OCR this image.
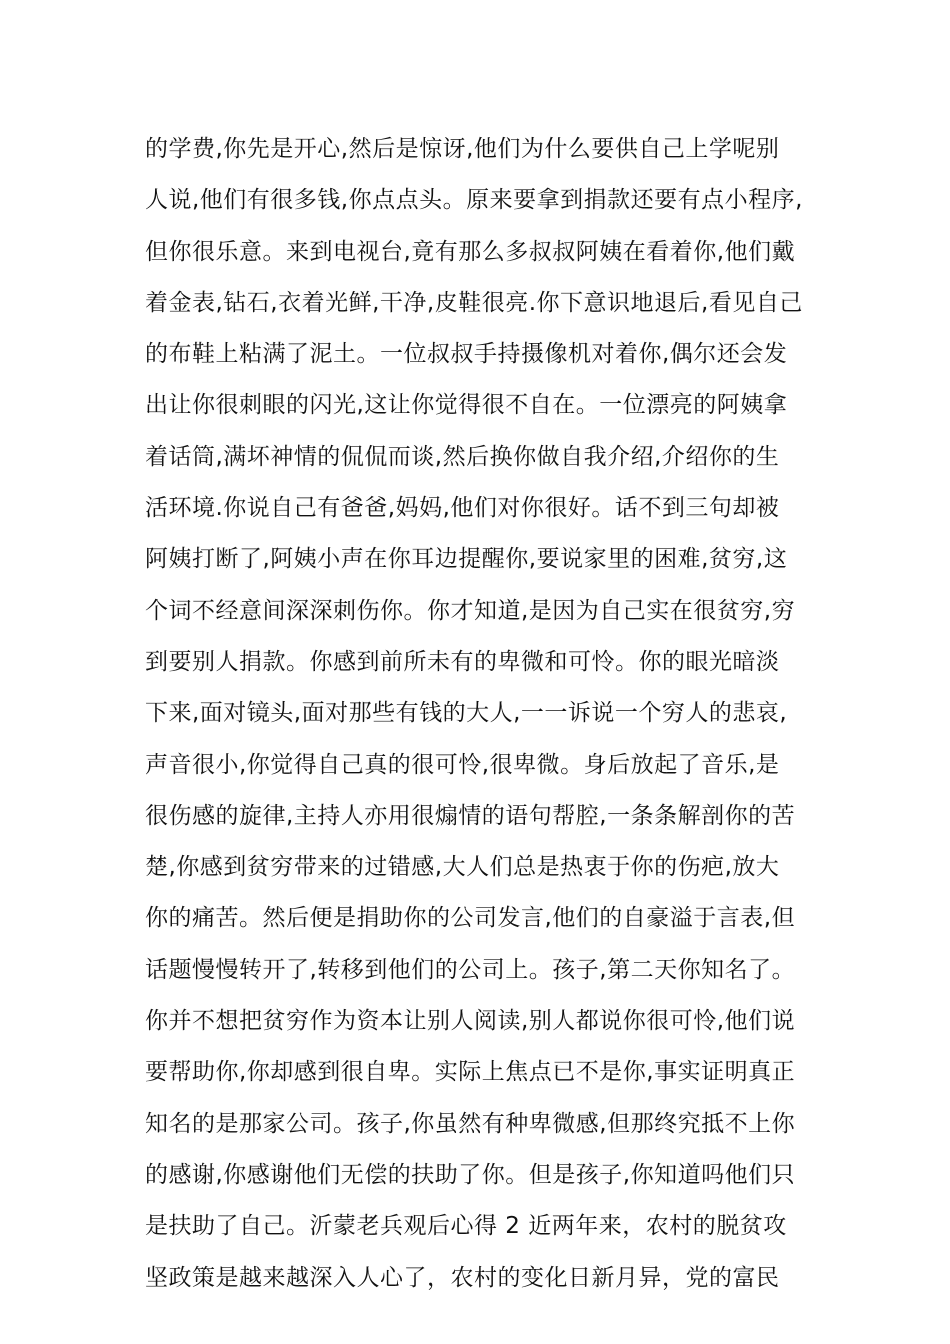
的学费,你先是开心,然后是惊讶,他们为什么要供自己上学呢别
人说,他们有很多钱,你点点头。原来要拿到捐款还要有点小程序,
但你很乐意。来到电视台,竟有那么多叔叔阿姨在看着你,他们戴
着金表,钻石,衣着光鲜,干净,皮鞋很亮.你下意识地退后,看见自己
的布鞋上粘满了泥土。一位叔叔手持摄像机对着你,偶尔还会发
出让你很刺眼的闪光,这让你觉得很不自在。一位漂亮的阿姨拿
着话筒,满坏神情的侃侃而谈,然后换你做自我介绍,介绍你的生
活环境.你说自己有爸爸,妈妈,他们对你很好。话不到三句却被
阿姨打断了,阿姨小声在你耳边提醒你,要说家里的困难,贫穷,这
个词不经意间深深刺伤你。你才知道,是因为自己实在很贫穷,穷
到要别人捐款。你感到前所未有的卑微和可怜。你的眼光暗淡
下来,面对镜头,面对那些有钱的大人,一一诉说一个穷人的悲哀,
声音很小,你觉得自己真的很可怜,很卑微。身后放起了音乐,是
很伤感的旋律,主持人亦用很煽情的语句帮腔,一条条解剖你的苦
楚,你感到贫穷带来的过错感,大人们总是热衷于你的伤疤,放大
你的痛苦。然后便是捐助你的公司发言,他们的自豪溢于言表,但
话题慢慢转开了,转移到他们的公司上。孩子,第二天你知名了。
你并不想把贫穷作为资本让别人阅读,别人都说你很可怜,他们说
要帮助你,你却感到很自卑。实际上焦点已不是你,事实证明真正
知名的是那家公司。孩子,你虽然有种卑微感,但那终究抵不上你
的感谢,你感谢他们无偿的扶助了你。但是孩子,你知道吗他们只
是扶助了自己。沂蒙老兵观后心得 2 近两年来，农村的脱贫攻
坚政策是越来越深入人心了，农村的变化日新月异，党的富民
